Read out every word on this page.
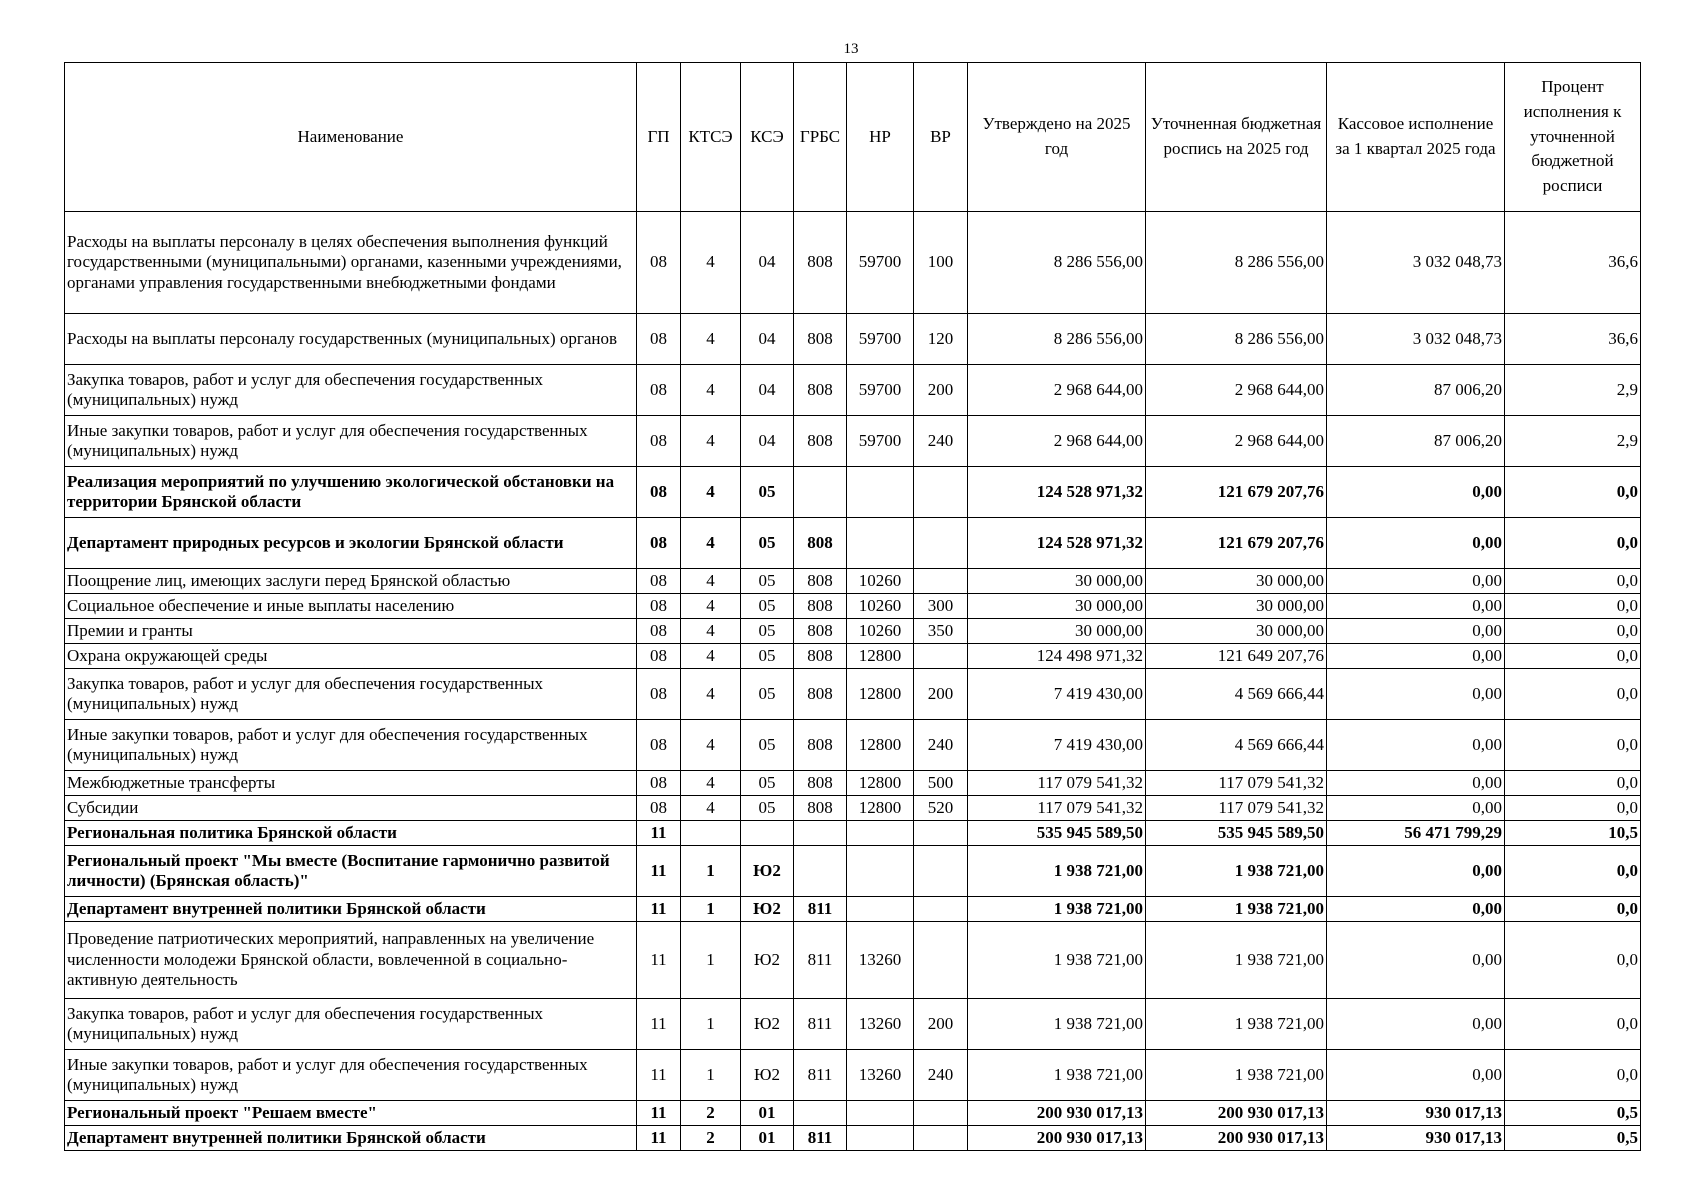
13
Наименование	ГП	КТСЭ	КСЭ	ГРБС	НР	ВР	Утверждено на 2025 год	Уточненная бюджетная роспись на 2025 год	Кассовое исполнение за 1 квартал 2025 года	Процент исполнения к уточненной бюджетной росписи
Расходы на выплаты персоналу в целях обеспечения выполнения функций государственными (муниципальными) органами, казенными учреждениями, органами управления государственными внебюджетными фондами	08	4	04	808	59700	100	8 286 556,00	8 286 556,00	3 032 048,73	36,6
Расходы на выплаты персоналу государственных (муниципальных) органов	08	4	04	808	59700	120	8 286 556,00	8 286 556,00	3 032 048,73	36,6
Закупка товаров, работ и услуг для обеспечения государственных (муниципальных) нужд	08	4	04	808	59700	200	2 968 644,00	2 968 644,00	87 006,20	2,9
Иные закупки товаров, работ и услуг для обеспечения государственных (муниципальных) нужд	08	4	04	808	59700	240	2 968 644,00	2 968 644,00	87 006,20	2,9
Реализация мероприятий по улучшению экологической обстановки на территории Брянской области	08	4	05				124 528 971,32	121 679 207,76	0,00	0,0
Департамент природных ресурсов и экологии Брянской области	08	4	05	808			124 528 971,32	121 679 207,76	0,00	0,0
Поощрение лиц, имеющих заслуги перед Брянской областью	08	4	05	808	10260		30 000,00	30 000,00	0,00	0,0
Социальное обеспечение и иные выплаты населению	08	4	05	808	10260	300	30 000,00	30 000,00	0,00	0,0
Премии и гранты	08	4	05	808	10260	350	30 000,00	30 000,00	0,00	0,0
Охрана окружающей среды	08	4	05	808	12800		124 498 971,32	121 649 207,76	0,00	0,0
Закупка товаров, работ и услуг для обеспечения государственных (муниципальных) нужд	08	4	05	808	12800	200	7 419 430,00	4 569 666,44	0,00	0,0
Иные закупки товаров, работ и услуг для обеспечения государственных (муниципальных) нужд	08	4	05	808	12800	240	7 419 430,00	4 569 666,44	0,00	0,0
Межбюджетные трансферты	08	4	05	808	12800	500	117 079 541,32	117 079 541,32	0,00	0,0
Субсидии	08	4	05	808	12800	520	117 079 541,32	117 079 541,32	0,00	0,0
Региональная политика Брянской области	11						535 945 589,50	535 945 589,50	56 471 799,29	10,5
Региональный проект "Мы вместе (Воспитание гармонично развитой личности) (Брянская область)"	11	1	Ю2				1 938 721,00	1 938 721,00	0,00	0,0
Департамент внутренней политики Брянской области	11	1	Ю2	811			1 938 721,00	1 938 721,00	0,00	0,0
Проведение патриотических мероприятий, направленных на увеличение численности молодежи Брянской области, вовлеченной в социально-активную деятельность	11	1	Ю2	811	13260		1 938 721,00	1 938 721,00	0,00	0,0
Закупка товаров, работ и услуг для обеспечения государственных (муниципальных) нужд	11	1	Ю2	811	13260	200	1 938 721,00	1 938 721,00	0,00	0,0
Иные закупки товаров, работ и услуг для обеспечения государственных (муниципальных) нужд	11	1	Ю2	811	13260	240	1 938 721,00	1 938 721,00	0,00	0,0
Региональный проект "Решаем вместе"	11	2	01				200 930 017,13	200 930 017,13	930 017,13	0,5
Департамент внутренней политики Брянской области	11	2	01	811			200 930 017,13	200 930 017,13	930 017,13	0,5
